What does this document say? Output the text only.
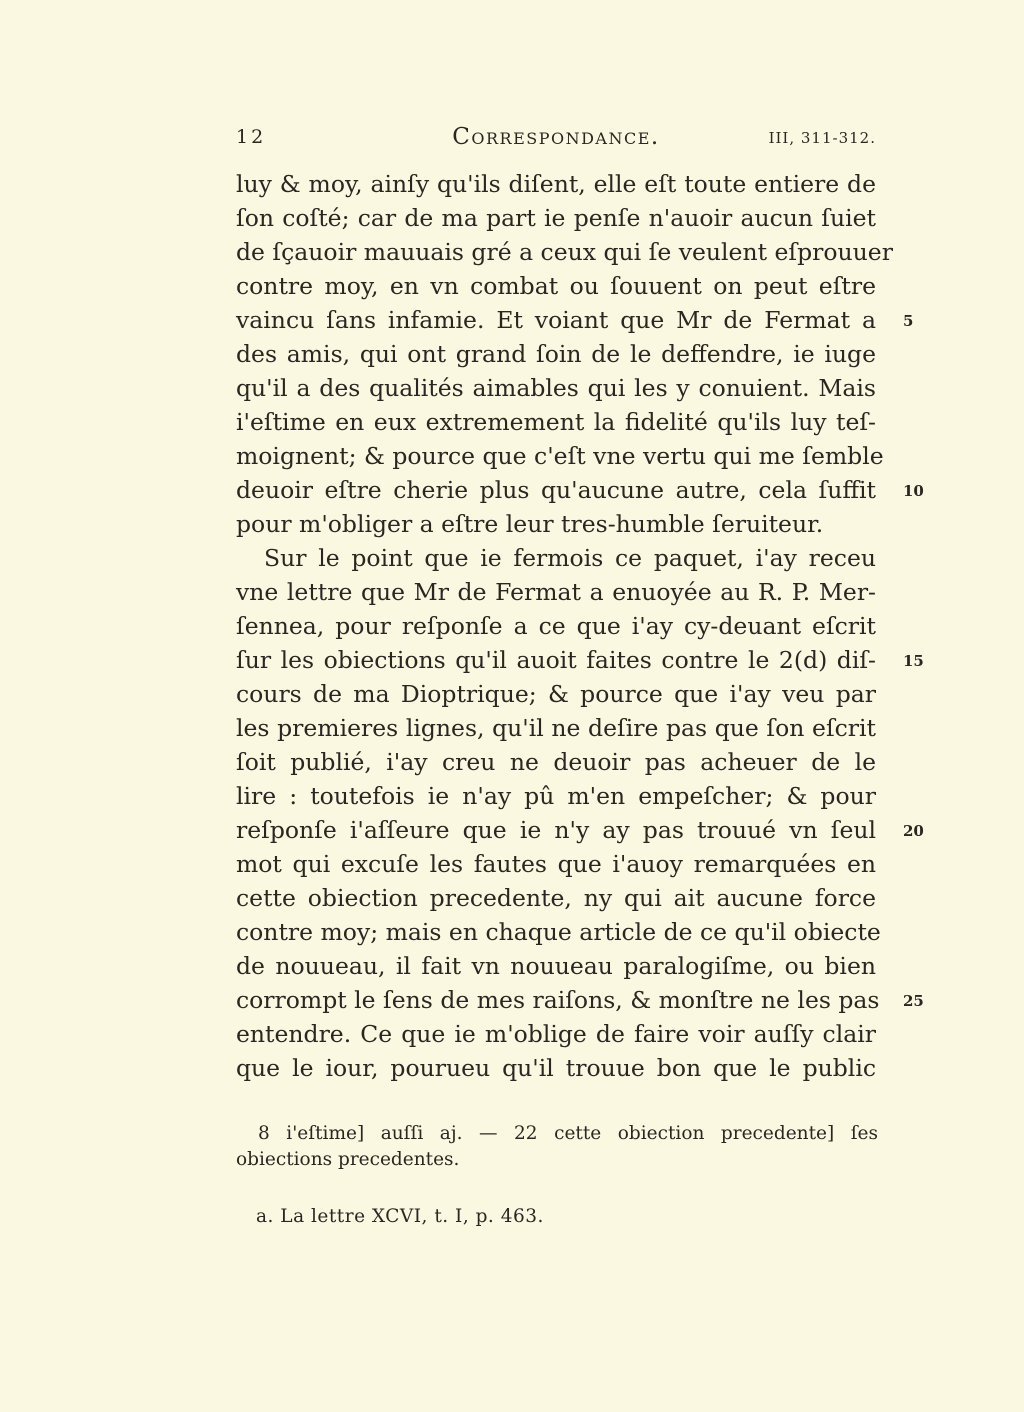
12	Correspondance.	III, 311-312.
luy & moy, ainſy qu'ils diſent, elle eſt toute entiere de
ſon coſté; car de ma part ie penſe n'auoir aucun ſuiet
de ſçauoir mauuais gré a ceux qui ſe veulent eſprouuer
contre moy, en vn combat ou ſouuent on peut eſtre
vaincu ſans infamie. Et voiant que Mr de Fermat a
des amis, qui ont grand ſoin de le deffendre, ie iuge
qu'il a des qualités aimables qui les y conuient. Mais
i'eſtime en eux extremement la fidelité qu'ils luy teſ-
moignent; & pource que c'eſt vne vertu qui me ſemble
deuoir eſtre cherie plus qu'aucune autre, cela ſuffit
pour m'obliger a eſtre leur tres-humble ſeruiteur.
Sur le point que ie fermois ce paquet, i'ay receu
vne lettre que Mr de Fermat a enuoyée au R. P. Mer-
ſennea, pour reſponſe a ce que i'ay cy-deuant eſcrit
ſur les obiections qu'il auoit faites contre le 2(d) diſ-
cours de ma Dioptrique; & pource que i'ay veu par
les premieres lignes, qu'il ne deſire pas que ſon eſcrit
ſoit publié, i'ay creu ne deuoir pas acheuer de le
lire : toutefois ie n'ay pû m'en empeſcher; & pour
reſponſe i'aſſeure que ie n'y ay pas trouué vn ſeul
mot qui excuſe les fautes que i'auoy remarquées en
cette obiection precedente, ny qui ait aucune force
contre moy; mais en chaque article de ce qu'il obiecte
de nouueau, il fait vn nouueau paralogiſme, ou bien
corrompt le ſens de mes raiſons, & monſtre ne les pas
entendre. Ce que ie m'oblige de faire voir auſſy clair
que le iour, pourueu qu'il trouue bon que le public
5
10
15
20
25
8 i'eſtime] auſſi aj. — 22 cette obiection precedente] ſes obiections precedentes.
a. La lettre XCVI, t. I, p. 463.
